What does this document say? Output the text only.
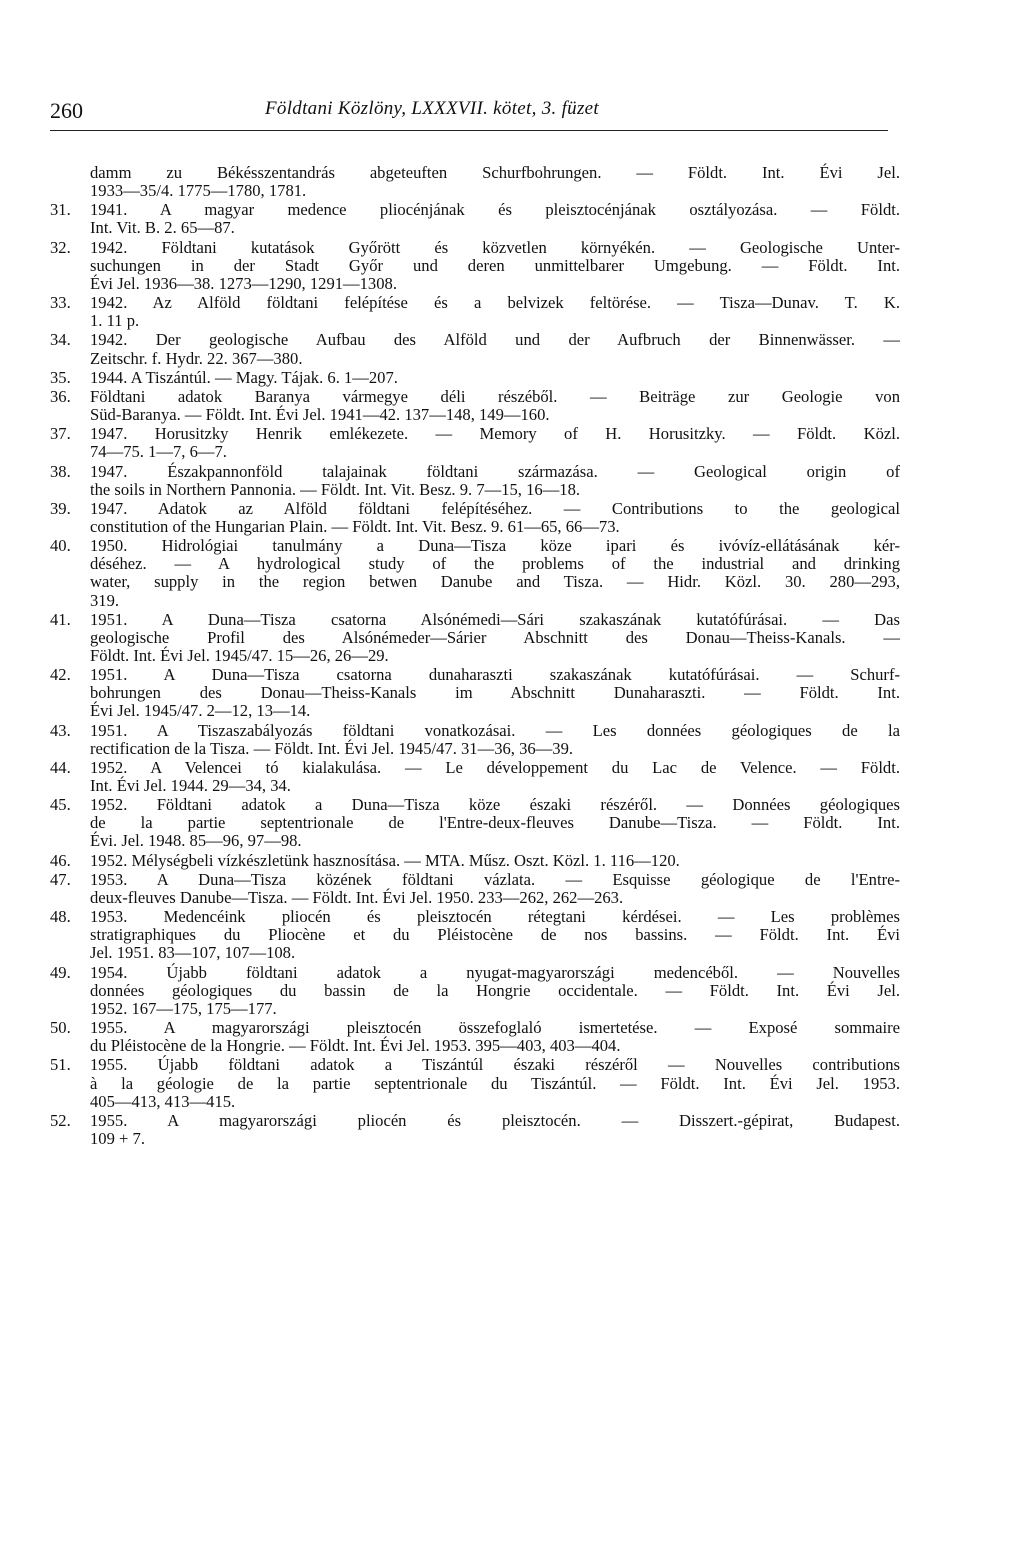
260	Földtani Közlöny, LXXXVII. kötet, 3. füzet
damm zu Békésszentandrás abgeteuften Schurfbohrungen. — Földt. Int. Évi Jel.
1933—35/4. 1775—1780, 1781.
31.	1941. A magyar medence pliocénjának és pleisztocénjának osztályozása. — Földt.
Int. Vit. B. 2. 65—87.
32.	1942. Földtani kutatások Győrött és közvetlen környékén. — Geologische Unter-
suchungen in der Stadt Győr und deren unmittelbarer Umgebung. — Földt. Int.
Évi Jel. 1936—38. 1273—1290, 1291—1308.
33.	1942. Az Alföld földtani felépítése és a belvizek feltörése. — Tisza—Dunav. T. K.
1. 11 p.
34.	1942. Der geologische Aufbau des Alföld und der Aufbruch der Binnenwässer. —
Zeitschr. f. Hydr. 22. 367—380.
35.	1944. A Tiszántúl. — Magy. Tájak. 6. 1—207.
36.	Földtani adatok Baranya vármegye déli részéből. — Beiträge zur Geologie von
Süd-Baranya. — Földt. Int. Évi Jel. 1941—42. 137—148, 149—160.
37.	1947. Horusitzky Henrik emlékezete. — Memory of H. Horusitzky. — Földt. Közl.
74—75. 1—7, 6—7.
38.	1947. Északpannonföld talajainak földtani származása. — Geological origin of
the soils in Northern Pannonia. — Földt. Int. Vit. Besz. 9. 7—15, 16—18.
39.	1947. Adatok az Alföld földtani felépítéséhez. — Contributions to the geological
constitution of the Hungarian Plain. — Földt. Int. Vit. Besz. 9. 61—65, 66—73.
40.	1950. Hidrológiai tanulmány a Duna—Tisza köze ipari és ivóvíz-ellátásának kér-
déséhez. — A hydrological study of the problems of the industrial and drinking
water, supply in the region betwen Danube and Tisza. — Hidr. Közl. 30. 280—293,
319.
41.	1951. A Duna—Tisza csatorna Alsónémedi—Sári szakaszának kutatófúrásai. — Das
geologische Profil des Alsónémeder—Sárier Abschnitt des Donau—Theiss-Kanals. —
Földt. Int. Évi Jel. 1945/47. 15—26, 26—29.
42.	1951. A Duna—Tisza csatorna dunaharaszti szakaszának kutatófúrásai. — Schurf-
bohrungen des Donau—Theiss-Kanals im Abschnitt Dunaharaszti. — Földt. Int.
Évi Jel. 1945/47. 2—12, 13—14.
43.	1951. A Tiszaszabályozás földtani vonatkozásai. — Les données géologiques de la
rectification de la Tisza. — Földt. Int. Évi Jel. 1945/47. 31—36, 36—39.
44.	1952. A Velencei tó kialakulása. — Le développement du Lac de Velence. — Földt.
Int. Évi Jel. 1944. 29—34, 34.
45.	1952. Földtani adatok a Duna—Tisza köze északi részéről. — Données géologiques
de la partie septentrionale de l'Entre-deux-fleuves Danube—Tisza. — Földt. Int.
Évi. Jel. 1948. 85—96, 97—98.
46.	1952. Mélységbeli vízkészletünk hasznosítása. — MTA. Műsz. Oszt. Közl. 1. 116—120.
47.	1953. A Duna—Tisza közének földtani vázlata. — Esquisse géologique de l'Entre-
deux-fleuves Danube—Tisza. — Földt. Int. Évi Jel. 1950. 233—262, 262—263.
48.	1953. Medencéink pliocén és pleisztocén rétegtani kérdései. — Les problèmes
stratigraphiques du Pliocène et du Pléistocène de nos bassins. — Földt. Int. Évi
Jel. 1951. 83—107, 107—108.
49.	1954. Újabb földtani adatok a nyugat-magyarországi medencéből. — Nouvelles
données géologiques du bassin de la Hongrie occidentale. — Földt. Int. Évi Jel.
1952. 167—175, 175—177.
50.	1955. A magyarországi pleisztocén összefoglaló ismertetése. — Exposé sommaire
du Pléistocène de la Hongrie. — Földt. Int. Évi Jel. 1953. 395—403, 403—404.
51.	1955. Újabb földtani adatok a Tiszántúl északi részéről — Nouvelles contributions
à la géologie de la partie septentrionale du Tiszántúl. — Földt. Int. Évi Jel. 1953.
405—413, 413—415.
52.	1955. A magyarországi pliocén és pleisztocén. — Disszert.-gépirat, Budapest.
109 + 7.
